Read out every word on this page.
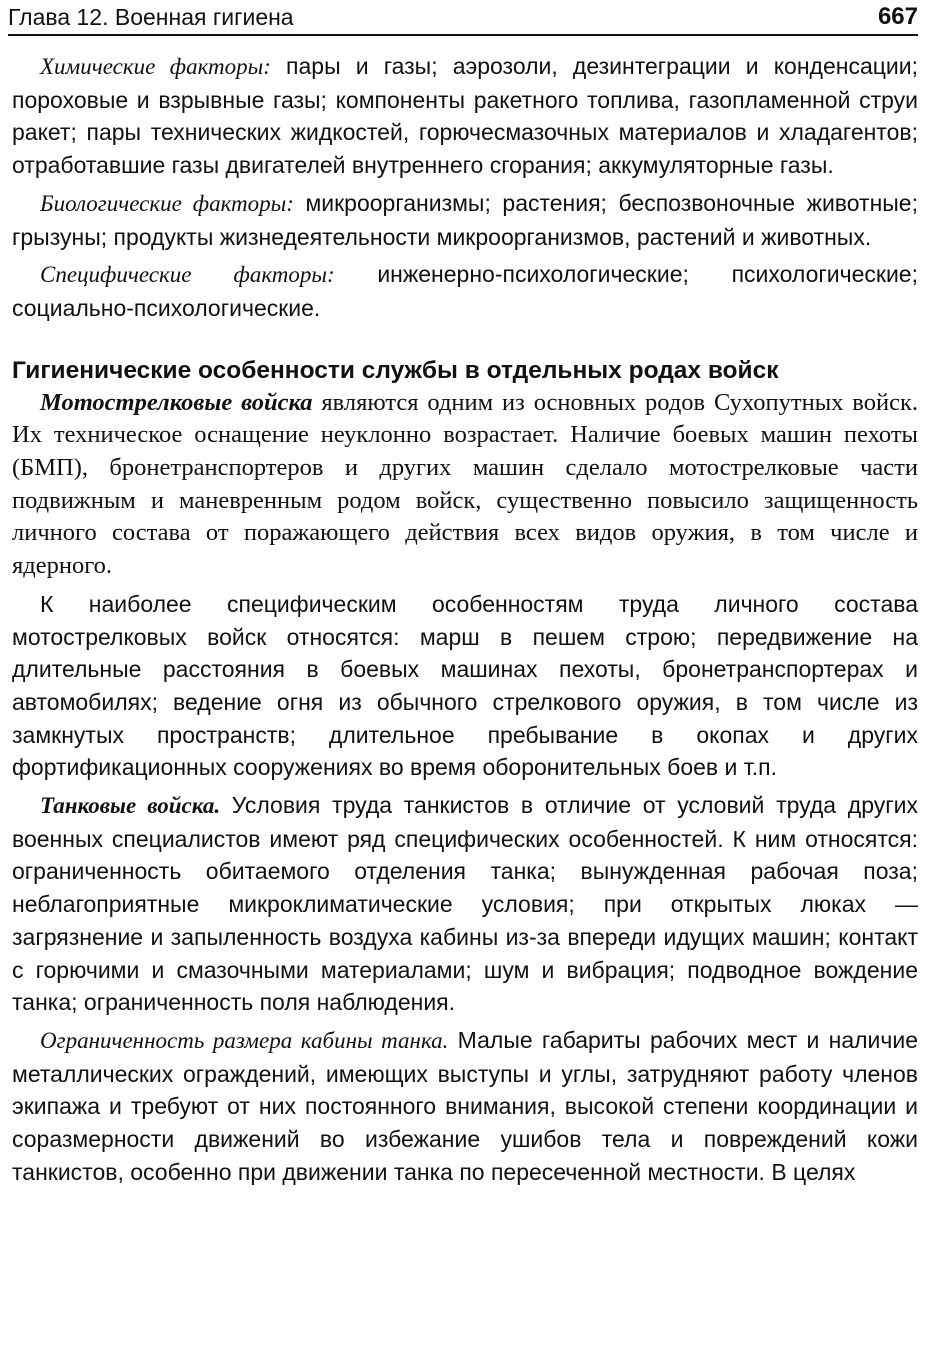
Глава 12. Военная гигиена	667

Химические факторы: пары и газы; аэрозоли, дезинтеграции и конденсации; пороховые и взрывные газы; компоненты ракетного топлива, газопламенной струи ракет; пары технических жидкостей, горючесмазочных материалов и хладагентов; отработавшие газы двигателей внутреннего сгорания; аккумуляторные газы.

Биологические факторы: микроорганизмы; растения; беспозвоночные животные; грызуны; продукты жизнедеятельности микроорганизмов, растений и животных.

Специфические факторы: инженерно-психологические; психологические; социально-психологические.

Гигиенические особенности службы в отдельных родах войск

Мотострелковые войска являются одним из основных родов Сухопутных войск. Их техническое оснащение неуклонно возрастает. Наличие боевых машин пехоты (БМП), бронетранспортеров и других машин сделало мотострелковые части подвижным и маневренным родом войск, существенно повысило защищенность личного состава от поражающего действия всех видов оружия, в том числе и ядерного.

К наиболее специфическим особенностям труда личного состава мотострелковых войск относятся: марш в пешем строю; передвижение на длительные расстояния в боевых машинах пехоты, бронетранспортерах и автомобилях; ведение огня из обычного стрелкового оружия, в том числе из замкнутых пространств; длительное пребывание в окопах и других фортификационных сооружениях во время оборонительных боев и т.п.

Танковые войска. Условия труда танкистов в отличие от условий труда других военных специалистов имеют ряд специфических особенностей. К ним относятся: ограниченность обитаемого отделения танка; вынужденная рабочая поза; неблагоприятные микроклиматические условия; при открытых люках — загрязнение и запыленность воздуха кабины из-за впереди идущих машин; контакт с горючими и смазочными материалами; шум и вибрация; подводное вождение танка; ограниченность поля наблюдения.

Ограниченность размера кабины танка. Малые габариты рабочих мест и наличие металлических ограждений, имеющих выступы и углы, затрудняют работу членов экипажа и требуют от них постоянного внимания, высокой степени координации и соразмерности движений во избежание ушибов тела и повреждений кожи танкистов, особенно при движении танка по пересеченной местности. В целях
